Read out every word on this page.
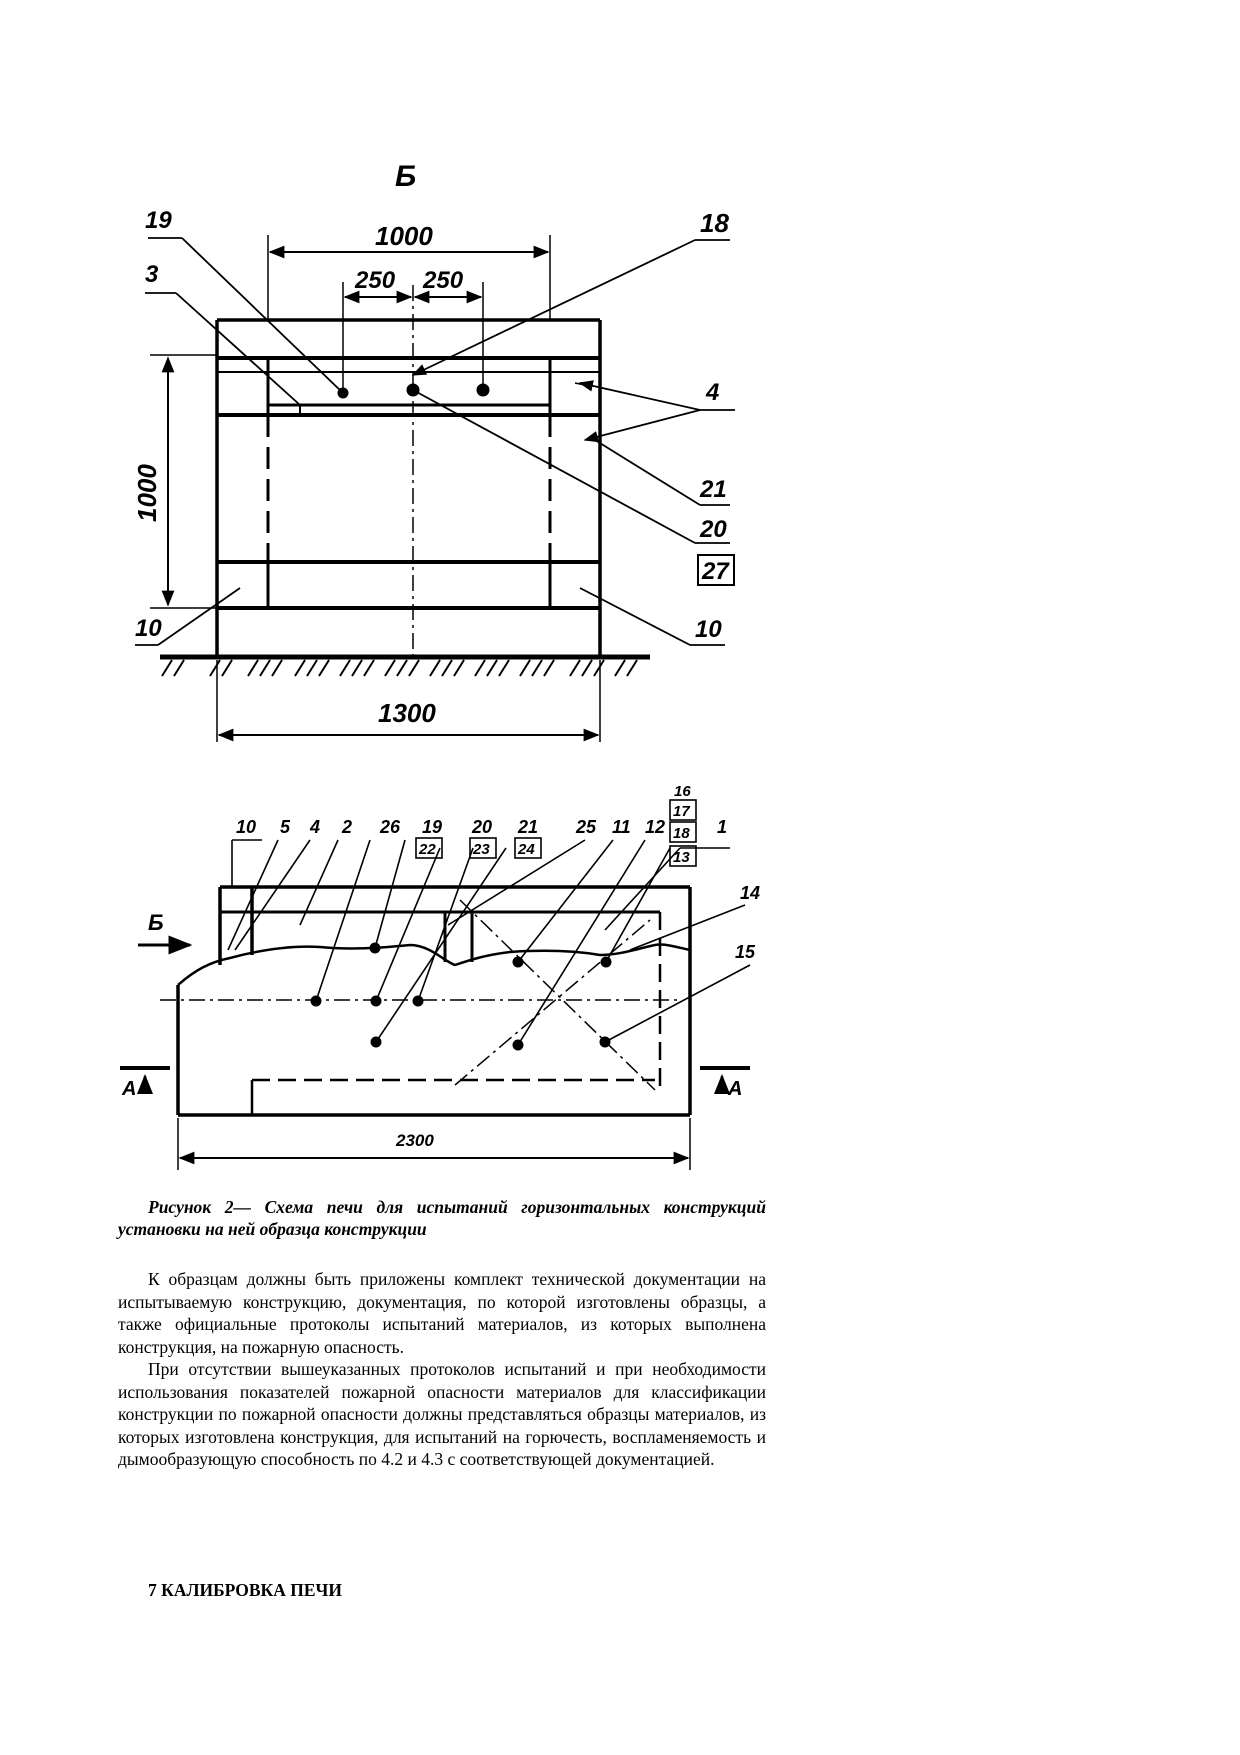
Б
1000
250 250
1000
1300
19
3
18
4
21
20
27
10	10
10 5 4 2 26 19 20 21 25 11 12	1
22 23 24
16
17
18
13
14
15
Б
А	А
2300

Рисунок 2— Схема печи для испытаний горизонтальных конструкций установки на ней образца конструкции

К образцам должны быть приложены комплект технической документации на испытываемую конструкцию, документация, по которой изготовлены образцы, а также официальные протоколы испытаний материалов, из которых выполнена конструкция, на пожарную опасность.

При отсутствии вышеуказанных протоколов испытаний и при необходимости использования показателей пожарной опасности материалов для классификации конструкции по пожарной опасности должны представляться образцы материалов, из которых изготовлена конструкция, для испытаний на горючесть, воспламеняемость и дымообразующую способность по 4.2 и 4.3 с соответствующей документацией.

7 КАЛИБРОВКА ПЕЧИ
